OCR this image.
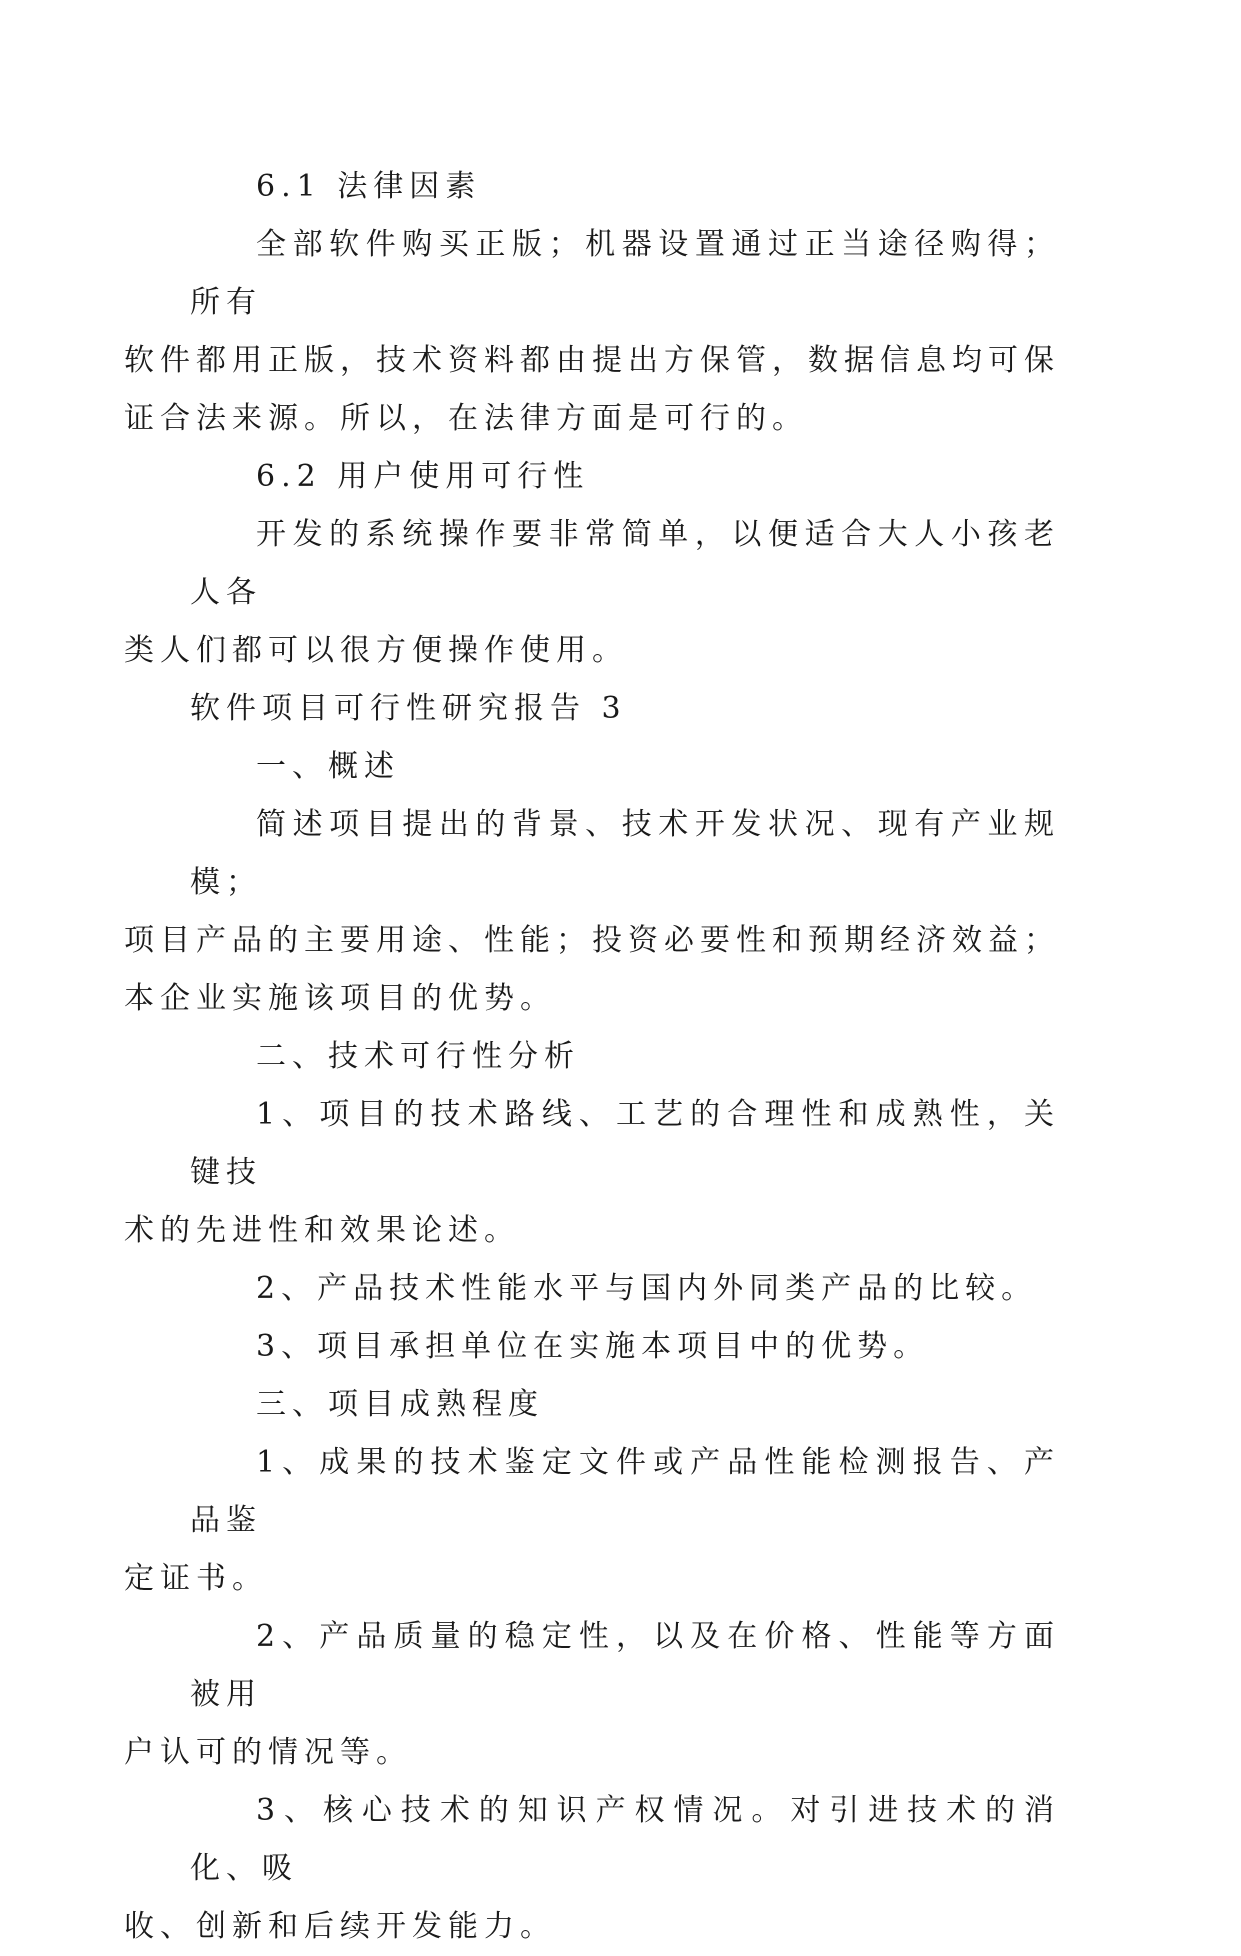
6.1 法律因素
全部软件购买正版；机器设置通过正当途径购得；所有
软件都用正版，技术资料都由提出方保管，数据信息均可保
证合法来源。所以，在法律方面是可行的。
6.2 用户使用可行性
开发的系统操作要非常简单，以便适合大人小孩老人各
类人们都可以很方便操作使用。
软件项目可行性研究报告 3
一、概述
简述项目提出的背景、技术开发状况、现有产业规模；
项目产品的主要用途、性能；投资必要性和预期经济效益；
本企业实施该项目的优势。
二、技术可行性分析
1、项目的技术路线、工艺的合理性和成熟性，关键技
术的先进性和效果论述。
2、产品技术性能水平与国内外同类产品的比较。
3、项目承担单位在实施本项目中的优势。
三、项目成熟程度
1、成果的技术鉴定文件或产品性能检测报告、产品鉴
定证书。
2、产品质量的稳定性，以及在价格、性能等方面被用
户认可的情况等。
3、核心技术的知识产权情况。对引进技术的消化、吸
收、创新和后续开发能力。
